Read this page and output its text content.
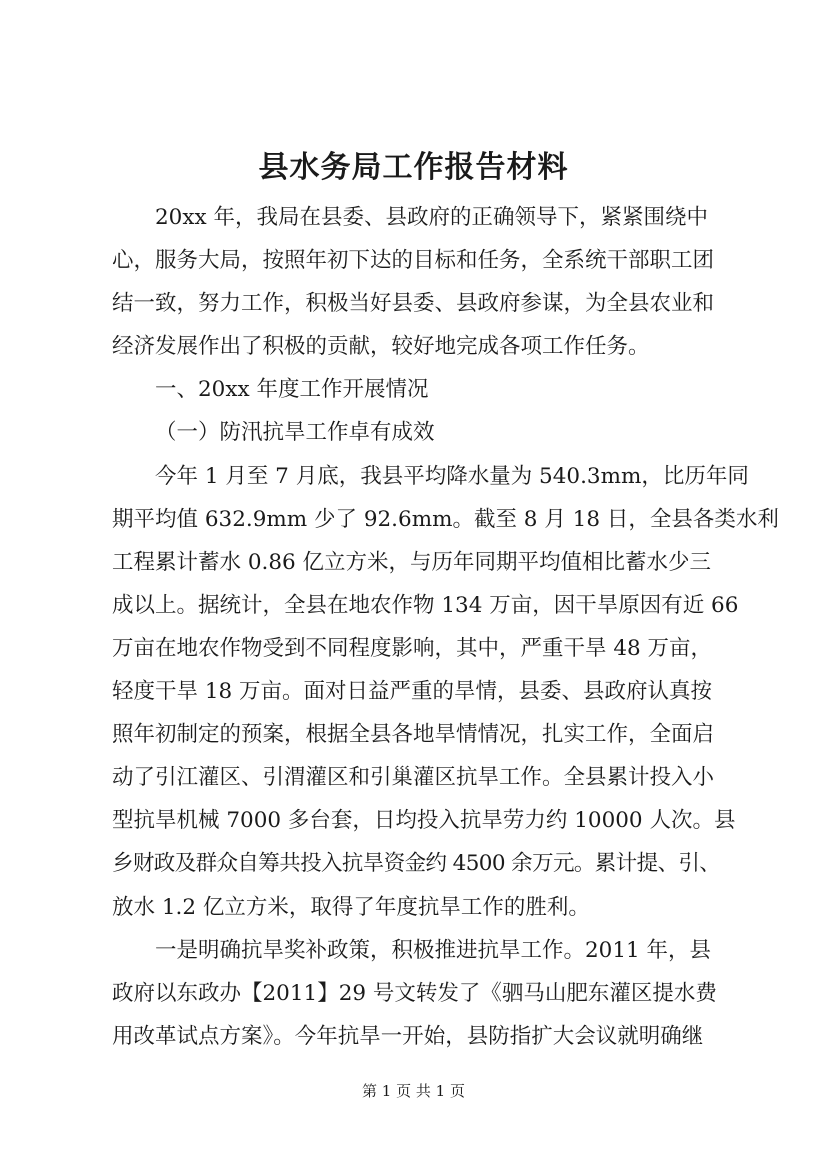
县水务局工作报告材料
20xx 年，我局在县委、县政府的正确领导下，紧紧围绕中
心，服务大局，按照年初下达的目标和任务，全系统干部职工团
结一致，努力工作，积极当好县委、县政府参谋，为全县农业和
经济发展作出了积极的贡献，较好地完成各项工作任务。
一、20xx 年度工作开展情况
（一）防汛抗旱工作卓有成效
今年 1 月至 7 月底，我县平均降水量为 540.3mm，比历年同
期平均值 632.9mm 少了 92.6mm。截至 8 月 18 日，全县各类水利
工程累计蓄水 0.86 亿立方米，与历年同期平均值相比蓄水少三
成以上。据统计，全县在地农作物 134 万亩，因干旱原因有近 66
万亩在地农作物受到不同程度影响，其中，严重干旱 48 万亩，
轻度干旱 18 万亩。面对日益严重的旱情，县委、县政府认真按
照年初制定的预案，根据全县各地旱情情况，扎实工作，全面启
动了引江灌区、引渭灌区和引巢灌区抗旱工作。全县累计投入小
型抗旱机械 7000 多台套，日均投入抗旱劳力约 10000 人次。县
乡财政及群众自筹共投入抗旱资金约 4500 余万元。累计提、引、
放水 1.2 亿立方米，取得了年度抗旱工作的胜利。
一是明确抗旱奖补政策，积极推进抗旱工作。2011 年，县
政府以东政办【2011】29 号文转发了《驷马山肥东灌区提水费
用改革试点方案》。今年抗旱一开始，县防指扩大会议就明确继
第 1 页 共 1 页
